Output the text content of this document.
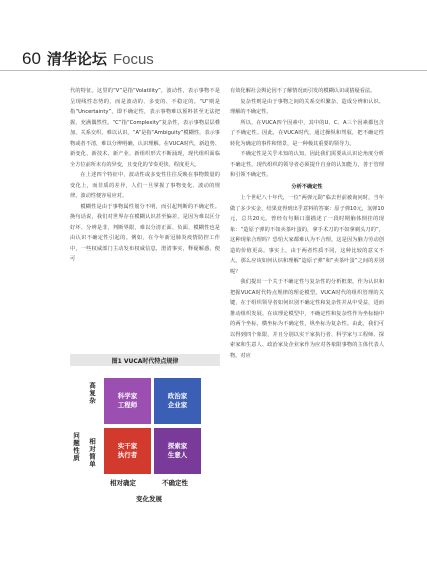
60 清华论坛 Focus

代的特征。这里的“V”是指“Volatility”，波动性，表示事物不是呈现线性态势的，而是波动的、多变的、不稳定的。“U”则是指“Uncertainty”，即不确定性，表示事物难以预料甚至无法把握，充满偶然性。“C”指“Complexity”复杂性，表示事物层层叠加，关系交织，难以认识。“A”是指“Ambiguity”模糊性，表示事物或者不清，难以分辨明确，认识理解。在VUCA时代，新趋势、新变化、新技术、新产业、新组织形式不断涌现，现代组织面临全方位前所未有的异变，且变化的节奏更快、程度更大。

在上述四个特征中，波动性或多变性往往反映在事物数量的变化上，而非质的差异，人们一旦掌握了事物变化、波动的规律，波动性便容易应对。

模糊性是由于事物属性划分不明，而引起判断的不确定性。换句话说，我们对世界存在模糊认识甚至偏差，是因为难以区分好坏、分辨是非，判断界限，难以分清正面、负面、模糊性也是由认识不确定性引起的。例如，在今年新冠肺炎疫情防控工作中，一些权威部门主动发布权威信息，澄清事实，释疑解惑，便可

图1 VUCA时代特点规律
问题性质
高复杂
相对简单
科学家
工程师
政治家
企业家
实干家
执行者
探索家
生意人
相对确定	不确定性
变化发展

有效化解社会舆论因不了解情况而引发的模糊认识或猜疑看法。

复杂性则是由于事物之间的关系交织繁杂，造成分辨和认识、理解的不确定性。

所以，在VUCA四个因素中，其中的U、C、A三个因素都包含了不确定性。因此，在VUCA时代，通过操纵和驾驭，把不确定性转化为确定的事件和情景，是一种极其重要的领导力。

不确定性是关乎未知的认知，因此我们需要从认识论角度分析不确定性。现代组织的领导者必须提升自身的认知能力，善于管理和引领不确定性。

分析不确定性

上个世纪八十年代，一位“两弹元勋”临去世前被询问时，当年做了多少实金，结果竟得到出乎意料的答案：原子弹10元，氢弹10元，总共20元。曾经有句顺口溜描述了一段时期脑体倒挂的现象：“造原子弹的不如卖茶叶蛋的，拿手术刀的不如拿剃头刀的”，这种现象合理吗？恐怕大家都难认为不合理。这是因为脑力劳动创造的价值更高。事实上，由于两者性质不同，这种比较的意义不大。那么应该如何认识和理解“造原子弹”和“卖茶叶蛋”之间的差别呢？

我们提出一个关于不确定性与复杂性的分析框架。作为认识和把握VUCA时代特点规律的理论模型。VUCA时代的组织管理的关键，在于组织领导者如何识别不确定性和复杂性并从中受益，进而推动组织发展。在该理论模型中，不确定性和复杂性作为坐标轴中的两个坐标，横坐标为不确定性，纵坐标为复杂性。由此，我们可以得到四个象限，并且分别以实干家执行者、科学家与工程师、探索家和生意人、政治家及企业家作为应对各象限事物的主体代表人物。对应
